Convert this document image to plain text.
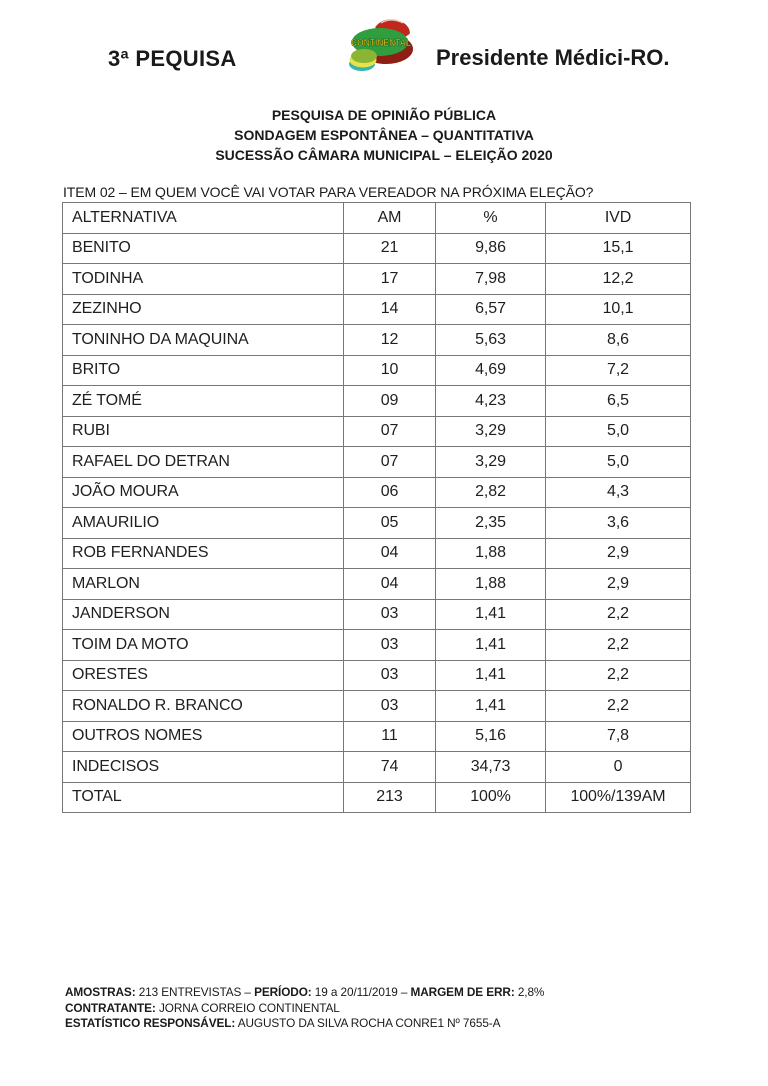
3ª PEQUISA
CONTINENTAL
Presidente Médici-RO.
PESQUISA DE OPINIÃO PÚBLICA
SONDAGEM ESPONTÂNEA – QUANTITATIVA
SUCESSÃO CÂMARA MUNICIPAL – ELEIÇÃO 2020
ITEM 02 – EM QUEM VOCÊ VAI VOTAR PARA VEREADOR NA PRÓXIMA ELEÇÃO?
ALTERNATIVA	AM	%	IVD
BENITO	21	9,86	15,1
TODINHA	17	7,98	12,2
ZEZINHO	14	6,57	10,1
TONINHO DA MAQUINA	12	5,63	8,6
BRITO	10	4,69	7,2
ZÉ TOMÉ	09	4,23	6,5
RUBI	07	3,29	5,0
RAFAEL DO DETRAN	07	3,29	5,0
JOÃO MOURA	06	2,82	4,3
AMAURILIO	05	2,35	3,6
ROB FERNANDES	04	1,88	2,9
MARLON	04	1,88	2,9
JANDERSON	03	1,41	2,2
TOIM DA MOTO	03	1,41	2,2
ORESTES	03	1,41	2,2
RONALDO R. BRANCO	03	1,41	2,2
OUTROS NOMES	11	5,16	7,8
INDECISOS	74	34,73	0
TOTAL	213	100%	100%/139AM
AMOSTRAS: 213 ENTREVISTAS – PERÍODO: 19 a 20/11/2019 – MARGEM DE ERR: 2,8%
CONTRATANTE: JORNA CORREIO CONTINENTAL
ESTATÍSTICO RESPONSÁVEL: AUGUSTO DA SILVA ROCHA CONRE1 Nº 7655-A
